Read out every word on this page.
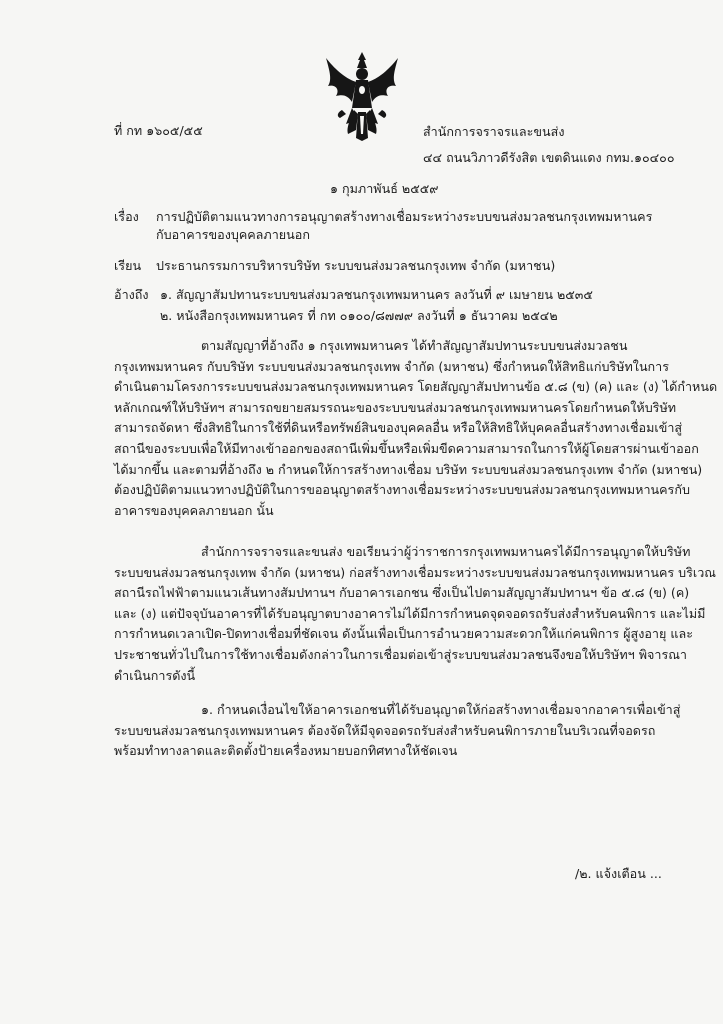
ที่ กท ๑๖๐๕/๕๕	สำนักการจราจรและขนส่ง
๔๔ ถนนวิภาวดีรังสิต เขตดินแดง กทม.๑๐๔๐๐
๑ กุมภาพันธ์ ๒๕๕๙
เรื่อง การปฏิบัติตามแนวทางการอนุญาตสร้างทางเชื่อมระหว่างระบบขนส่งมวลชนกรุงเทพมหานคร
กับอาคารของบุคคลภายนอก
เรียน ประธานกรรมการบริหารบริษัท ระบบขนส่งมวลชนกรุงเทพ จำกัด (มหาชน)
อ้างถึง ๑. สัญญาสัมปทานระบบขนส่งมวลชนกรุงเทพมหานคร ลงวันที่ ๙ เมษายน ๒๕๓๕
๒. หนังสือกรุงเทพมหานคร ที่ กท ๐๑๐๐/๘๗๗๙ ลงวันที่ ๑ ธันวาคม ๒๕๔๒
ตามสัญญาที่อ้างถึง ๑ กรุงเทพมหานคร ได้ทำสัญญาสัมปทานระบบขนส่งมวลชน
กรุงเทพมหานคร กับบริษัท ระบบขนส่งมวลชนกรุงเทพ จำกัด (มหาชน) ซึ่งกำหนดให้สิทธิแก่บริษัทในการ
ดำเนินตามโครงการระบบขนส่งมวลชนกรุงเทพมหานคร โดยสัญญาสัมปทานข้อ ๕.๘ (ข) (ค) และ (ง) ได้กำหนด
หลักเกณฑ์ให้บริษัทฯ สามารถขยายสมรรถนะของระบบขนส่งมวลชนกรุงเทพมหานครโดยกำหนดให้บริษัท
สามารถจัดหา ซึ่งสิทธิในการใช้ที่ดินหรือทรัพย์สินของบุคคลอื่น หรือให้สิทธิให้บุคคลอื่นสร้างทางเชื่อมเข้าสู่
สถานีของระบบเพื่อให้มีทางเข้าออกของสถานีเพิ่มขึ้นหรือเพิ่มขีดความสามารถในการให้ผู้โดยสารผ่านเข้าออก
ได้มากขึ้น และตามที่อ้างถึง ๒ กำหนดให้การสร้างทางเชื่อม บริษัท ระบบขนส่งมวลชนกรุงเทพ จำกัด (มหาชน)
ต้องปฏิบัติตามแนวทางปฏิบัติในการขออนุญาตสร้างทางเชื่อมระหว่างระบบขนส่งมวลชนกรุงเทพมหานครกับ
อาคารของบุคคลภายนอก นั้น
สำนักการจราจรและขนส่ง ขอเรียนว่าผู้ว่าราชการกรุงเทพมหานครได้มีการอนุญาตให้บริษัท
ระบบขนส่งมวลชนกรุงเทพ จำกัด (มหาชน) ก่อสร้างทางเชื่อมระหว่างระบบขนส่งมวลชนกรุงเทพมหานคร บริเวณ
สถานีรถไฟฟ้าตามแนวเส้นทางสัมปทานฯ กับอาคารเอกชน ซึ่งเป็นไปตามสัญญาสัมปทานฯ ข้อ ๕.๘ (ข) (ค)
และ (ง) แต่ปัจจุบันอาคารที่ได้รับอนุญาตบางอาคารไม่ได้มีการกำหนดจุดจอดรถรับส่งสำหรับคนพิการ และไม่มี
การกำหนดเวลาเปิด-ปิดทางเชื่อมที่ชัดเจน ดังนั้นเพื่อเป็นการอำนวยความสะดวกให้แก่คนพิการ ผู้สูงอายุ และ
ประชาชนทั่วไปในการใช้ทางเชื่อมดังกล่าวในการเชื่อมต่อเข้าสู่ระบบขนส่งมวลชนจึงขอให้บริษัทฯ พิจารณา
ดำเนินการดังนี้
๑. กำหนดเงื่อนไขให้อาคารเอกชนที่ได้รับอนุญาตให้ก่อสร้างทางเชื่อมจากอาคารเพื่อเข้าสู่
ระบบขนส่งมวลชนกรุงเทพมหานคร ต้องจัดให้มีจุดจอดรถรับส่งสำหรับคนพิการภายในบริเวณที่จอดรถ
พร้อมทำทางลาดและติดตั้งป้ายเครื่องหมายบอกทิศทางให้ชัดเจน
/๒. แจ้งเตือน ...
